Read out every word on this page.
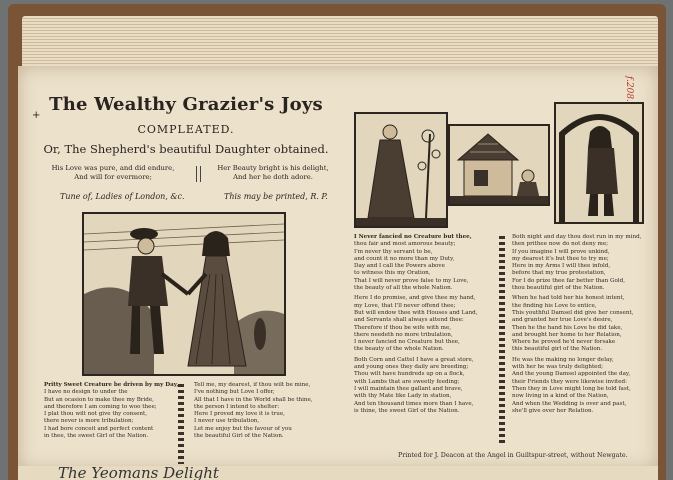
+
f.208.
The Wealthy Grazier's Joys
COMPLEATED.
Or, The Shepherd's beautiful Daughter obtained.
His Love was pure, and did endure,
And will for evermore;
Her Beauty bright is his delight,
And her he doth adore.
Tune of, Ladies of London, &c.	This may be printed, R. P.
Pritty Sweet Creature be driven by my Day,
I have no design to under the
But an ocasion to make thee my Bride,
and therefore I am coming to woo thee;
I plat thou wilt not give thy consent,
there never is more tribulation;
I had bore conceit and perfect content
in thee, the sweet Girl of the Nation.
Tell me, my dearest, if thou wilt be mine,
I've nothing but Love I offer,
All that I have in the World shall be thine,
the person I intend to shelter:
Here I proved my love it is true,
I never use tribulation,
Let me enjoy but the favour of you
the beautiful Girl of the Nation.
I Never fancied no Creature but thee,
thou fair and most amorous beauty;
I'm never thy servant to be,
and count it no more than my Duty,
Day and I call the Powers above
to witness this my Oration,
That I will never prove false to my Love,
the beauty of all the whole Nation.
Here I do promise, and give thee my hand,
my Love, that I'll never offend thee;
But will endow thee with Houses and Land,
and Servants shall always attend thee:
Therefore if thou be wife with me,
there needeth no more tribulation,
I never fancied no Creature but thee,
the beauty of the whole Nation.
Both Corn and Cattel I have a great store,
and young ones they daily are breeding;
Thou wilt have hundreds up on a flock,
with Lambs that are sweetly feeding;
I will maintain thee gallant and brave,
with thy Mate like Lady in station,
And ten thousand times more than I have,
is thine, the sweet Girl of the Nation.
Both night and day thou dost run in my mind,
then prithee now do not deny me;
If you imagine I will prove unkind,
my dearest it's but thee to try me;
Here in my Arms I will thee infold,
before that my true protestation,
For I do prize thee far better than Gold,
thou beautiful girl of the Nation.
When he had told her his honest intent,
the finding his Love to entice,
This youthful Damsel did give her consent,
and granted her true Love's desire,
Then he the hand his Love he did take,
and brought her home to her Relation,
Where he proved he'd never forsake
this beautiful girl of the Nation.
He was the making no longer delay,
with her he was truly delighted;
And the young Damsel appointed the day,
their Friends they were likewise invited:
Then they in Love might long be told fast,
now living in a kind of the Nation,
And when the Wedding is over and past,
she'll give over her Relation.
Printed for J. Deacon at the Angel in Guiltspur-street, without Newgate.
The Yeomans Delight
